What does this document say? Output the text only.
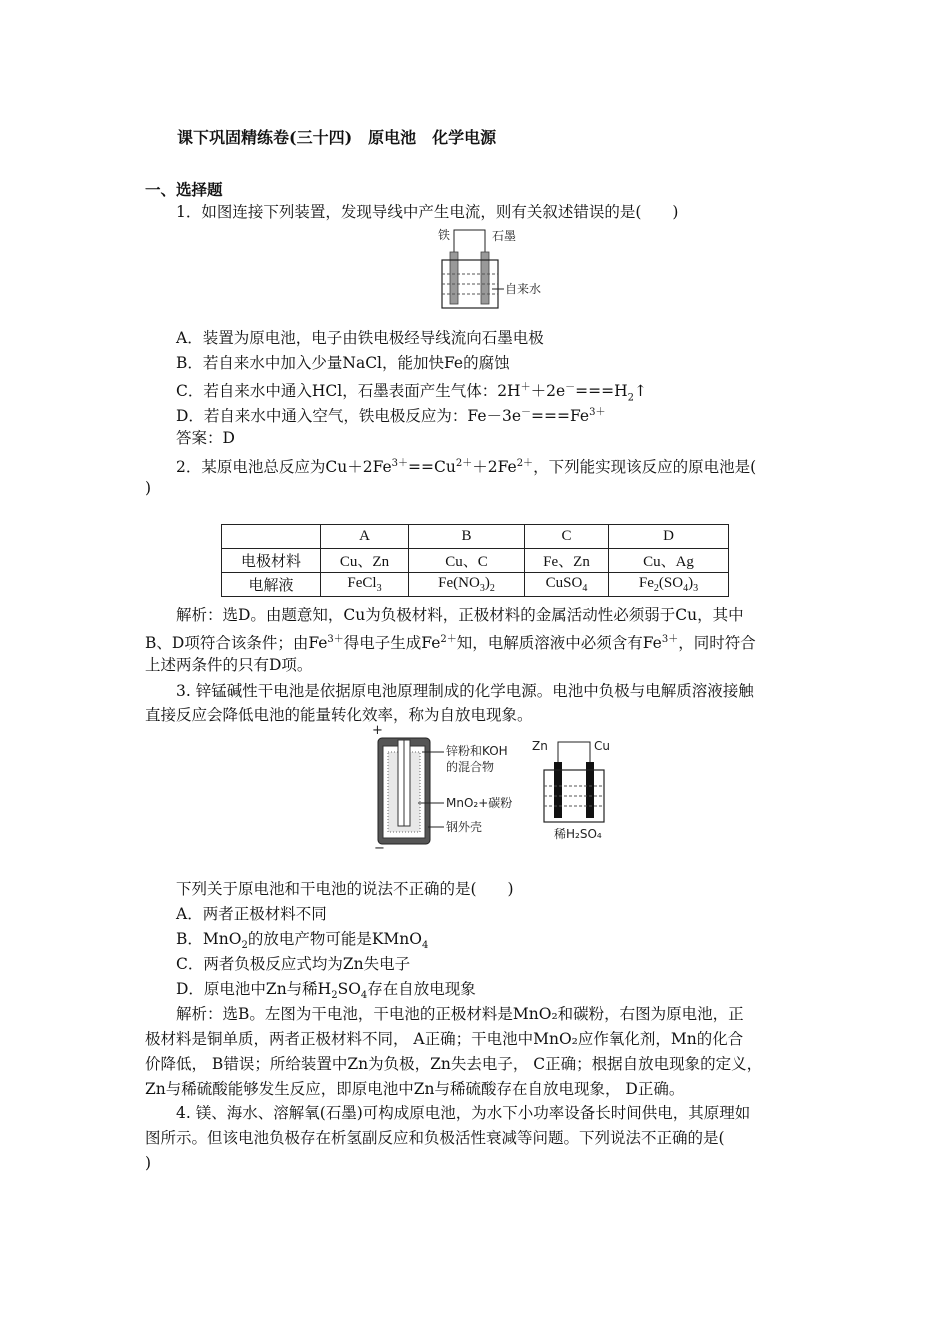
课下巩固精练卷(三十四)　原电池　化学电源
一、选择题
1．如图连接下列装置，发现导线中产生电流，则有关叙述错误的是(　　)
铁	石墨
自来水
A．装置为原电池，电子由铁电极经导线流向石墨电极
B．若自来水中加入少量NaCl，能加快Fe的腐蚀
C．若自来水中通入HCl，石墨表面产生气体：$2H^++2e^-===H_2↑$
D．若自来水中通入空气，铁电极反应为：$Fe-3e^-===Fe^{3+}$
答案：D
2．某原电池总反应为$Cu+2Fe^{3+}==Cu^{2+}+2Fe^{2+}$，下列能实现该反应的原电池是(
)
	A	B	C	D
电极材料	Cu、Zn	Cu、C	Fe、Zn	Cu、Ag
电解液	FeCl$_3$	$Fe(NO_3)_2$	CuSO$_4$	$Fe_2(SO_4)_3$
解析：选D。由题意知，Cu为负极材料，正极材料的金属活动性必须弱于Cu，其中
B、D项符合该条件；由$Fe^{3+}$得电子生成$Fe^{2+}$知，电解质溶液中必须含有$Fe^{3+}$，同时符合
上述两条件的只有D项。
3. 锌锰碱性干电池是依据原电池原理制成的化学电源。电池中负极与电解质溶液接触
直接反应会降低电池的能量转化效率，称为自放电现象。
+
−
锌粉和KOH
的混合物
MnO₂+碳粉
钢外壳
Zn	Cu
稀H₂SO₄
下列关于原电池和干电池的说法不正确的是(　　)
A．两者正极材料不同
B．MnO$_2$的放电产物可能是KMnO$_4$
C．两者负极反应式均为Zn失电子
D．原电池中Zn与稀$H_2SO_4$存在自放电现象
解析：选B。左图为干电池，干电池的正极材料是MnO₂和碳粉，右图为原电池，正
极材料是铜单质，两者正极材料不同， A正确；干电池中MnO₂应作氧化剂，Mn的化合
价降低， B错误；所给装置中Zn为负极，Zn失去电子， C正确；根据自放电现象的定义，
Zn与稀硫酸能够发生反应，即原电池中Zn与稀硫酸存在自放电现象， D正确。
4. 镁、海水、溶解氧(石墨)可构成原电池，为水下小功率设备长时间供电，其原理如
图所示。但该电池负极存在析氢副反应和负极活性衰减等问题。下列说法不正确的是(
)
